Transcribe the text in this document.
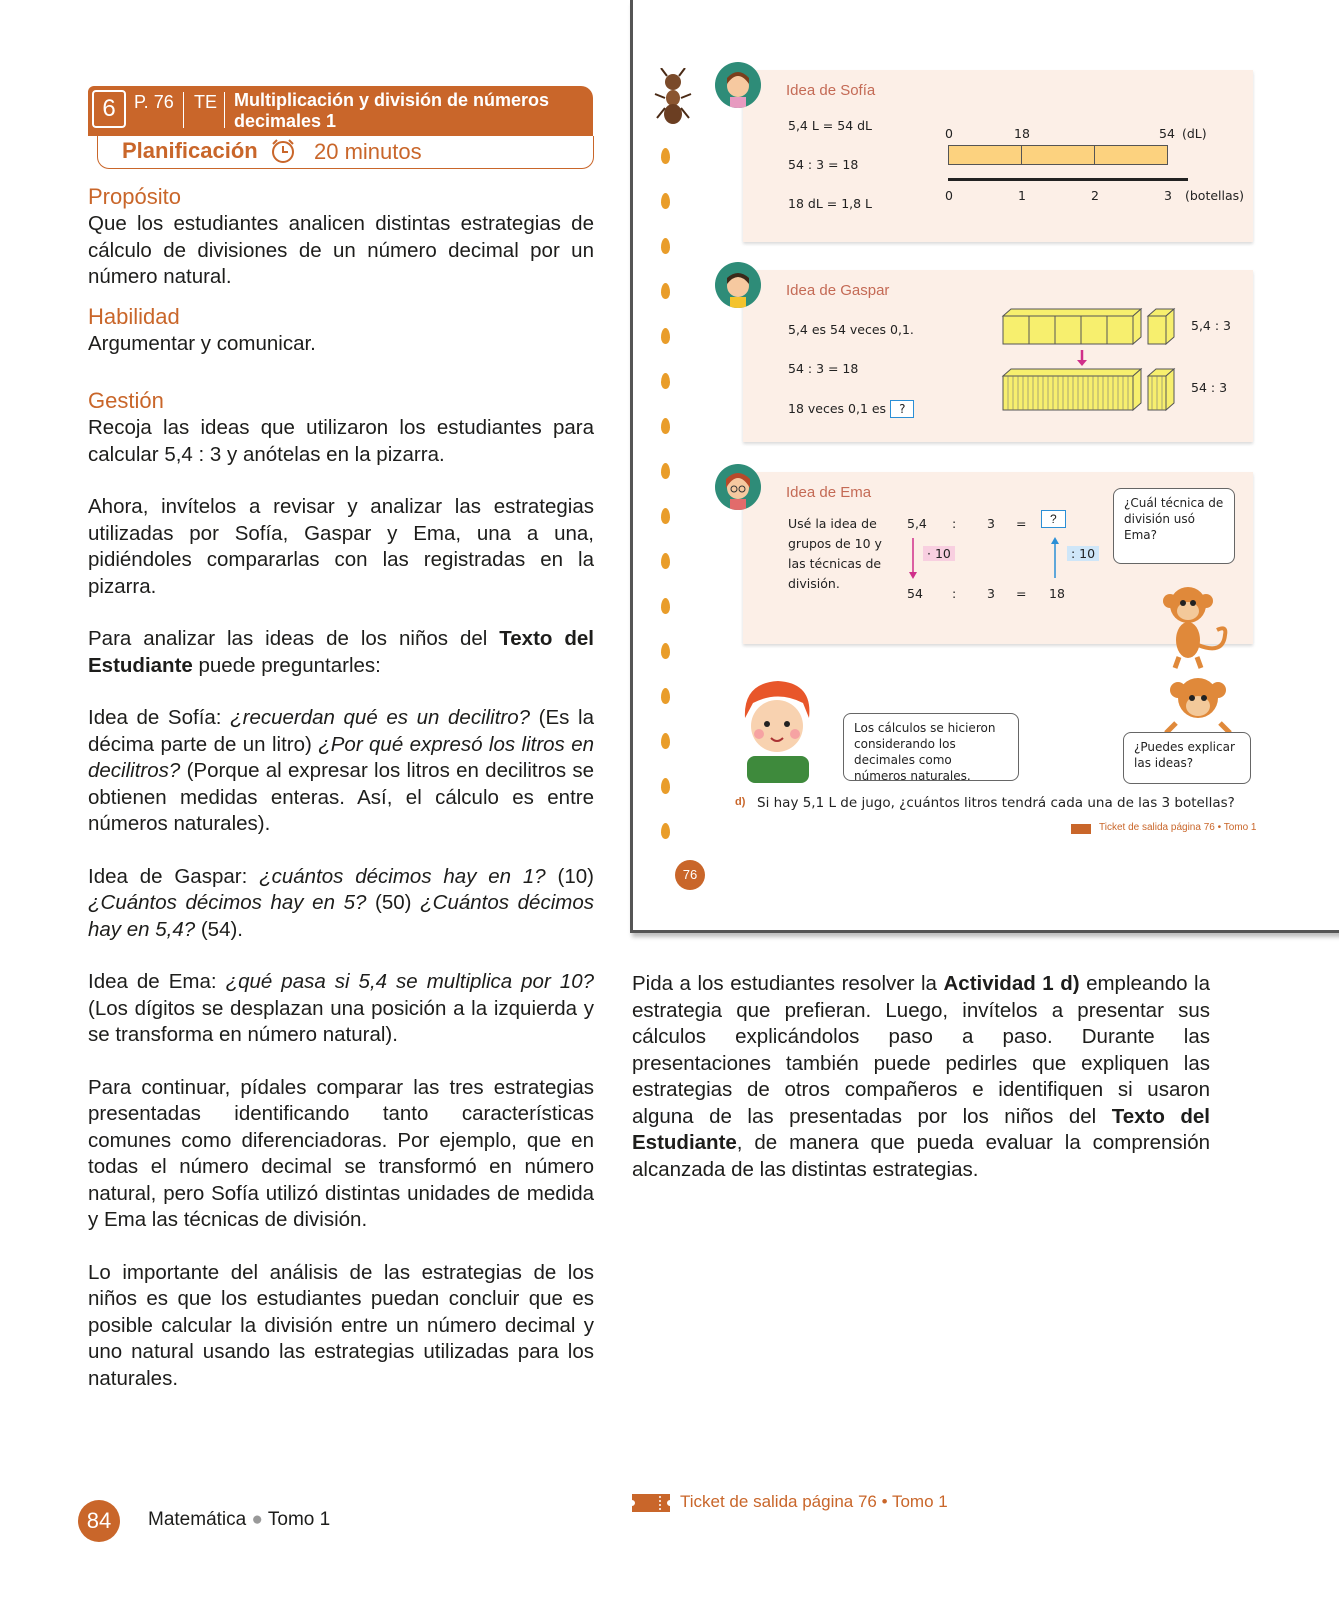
6	P. 76 TE Multiplicación y división de números decimales 1
Planificación	20 minutos
Propósito

Que los estudiantes analicen distintas estrategias de cálculo de divisiones de un número decimal por un número natural.

Habilidad

Argumentar y comunicar.

Gestión

Recoja las ideas que utilizaron los estudiantes para calcular 5,4 : 3 y anótelas en la pizarra.

Ahora, invítelos a revisar y analizar las estrategias utilizadas por Sofía, Gaspar y Ema, una a una, pidiéndoles compararlas con las registradas en la pizarra.

Para analizar las ideas de los niños del Texto del Estudiante puede preguntarles:

Idea de Sofía: ¿recuerdan qué es un decilitro? (Es la décima parte de un litro) ¿Por qué expresó los litros en decilitros? (Porque al expresar los litros en decilitros se obtienen medidas enteras. Así, el cálculo es entre números naturales).

Idea de Gaspar: ¿cuántos décimos hay en 1? (10) ¿Cuántos décimos hay en 5? (50) ¿Cuántos décimos hay en 5,4? (54).

Idea de Ema: ¿qué pasa si 5,4 se multiplica por 10? (Los dígitos se desplazan una posición a la izquierda y se transforma en número natural).

Para continuar, pídales comparar las tres estrategias presentadas identificando tanto características comunes como diferenciadoras. Por ejemplo, que en todas el número decimal se transformó en número natural, pero Sofía utilizó distintas unidades de medida y Ema las técnicas de división.

Lo importante del análisis de las estrategias de los niños es que los estudiantes puedan concluir que es posible calcular la división entre un número decimal y uno natural usando las estrategias utilizadas para los naturales.

Idea de Sofía
5,4 L = 54 dL
54 : 3 = 18
18 dL = 1,8 L
0	18	54 (dL)
0	1	2	3 (botellas)
Idea de Gaspar
5,4 es 54 veces 0,1.
54 : 3 = 18
18 veces 0,1 es ?
5,4 : 3
54 : 3
Idea de Ema
Usé la idea de grupos de 10 y las técnicas de división.
5,4 : 3 =	?
· 10	: 10
54 : 3 = 18
¿Cuál técnica de división usó Ema?
Los cálculos se hicieron considerando los decimales como números naturales.
¿Puedes explicar las ideas?
d) Si hay 5,1 L de jugo, ¿cuántos litros tendrá cada una de las 3 botellas?
Ticket de salida página 76 • Tomo 1
76
Pida a los estudiantes resolver la Actividad 1 d) empleando la estrategia que prefieran. Luego, invítelos a presentar sus cálculos explicándolos paso a paso. Durante las presentaciones también puede pedirles que expliquen las estrategias de otros compañeros e identifiquen si usaron alguna de las presentadas por los niños del Texto del Estudiante, de manera que pueda evaluar la comprensión alcanzada de las distintas estrategias.
Ticket de salida página 76 • Tomo 1
84	Matemática ● Tomo 1
